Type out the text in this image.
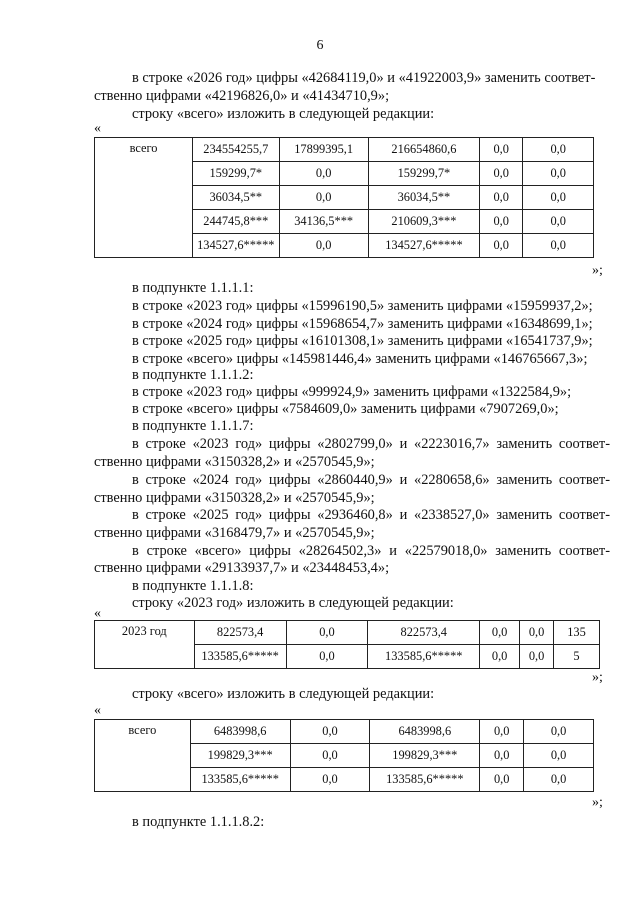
6
в строке «2026 год» цифры «42684119,0» и «41922003,9» заменить соответ-
ственно цифрами «42196826,0» и «41434710,9»;
строку «всего» изложить в следующей редакции:
«
всего	234554255,7	17899395,1	216654860,6	0,0	0,0
	159299,7*	0,0	159299,7*	0,0	0,0
	36034,5**	0,0	36034,5**	0,0	0,0
	244745,8***	34136,5***	210609,3***	0,0	0,0
	134527,6*****	0,0	134527,6*****	0,0	0,0
»;
в подпункте 1.1.1.1:
в строке «2023 год» цифры «15996190,5» заменить цифрами «15959937,2»;
в строке «2024 год» цифры «15968654,7» заменить цифрами «16348699,1»;
в строке «2025 год» цифры «16101308,1» заменить цифрами «16541737,9»;
в строке «всего» цифры «145981446,4» заменить цифрами «146765667,3»;
в подпункте 1.1.1.2:
в строке «2023 год» цифры «999924,9» заменить цифрами «1322584,9»;
в строке «всего» цифры «7584609,0» заменить цифрами «7907269,0»;
в подпункте 1.1.1.7:
в строке «2023 год» цифры «2802799,0» и «2223016,7» заменить соответ-
ственно цифрами «3150328,2» и «2570545,9»;
в строке «2024 год» цифры «2860440,9» и «2280658,6» заменить соответ-
ственно цифрами «3150328,2» и «2570545,9»;
в строке «2025 год» цифры «2936460,8» и «2338527,0» заменить соответ-
ственно цифрами «3168479,7» и «2570545,9»;
в строке «всего» цифры «28264502,3» и «22579018,0» заменить соответ-
ственно цифрами «29133937,7» и «23448453,4»;
в подпункте 1.1.1.8:
строку «2023 год» изложить в следующей редакции:
«
2023 год	822573,4	0,0	822573,4	0,0	0,0	135
	133585,6*****	0,0	133585,6*****	0,0	0,0	5
»;
строку «всего» изложить в следующей редакции:
«
всего	6483998,6	0,0	6483998,6	0,0	0,0
	199829,3***	0,0	199829,3***	0,0	0,0
	133585,6*****	0,0	133585,6*****	0,0	0,0
»;
в подпункте 1.1.1.8.2:
